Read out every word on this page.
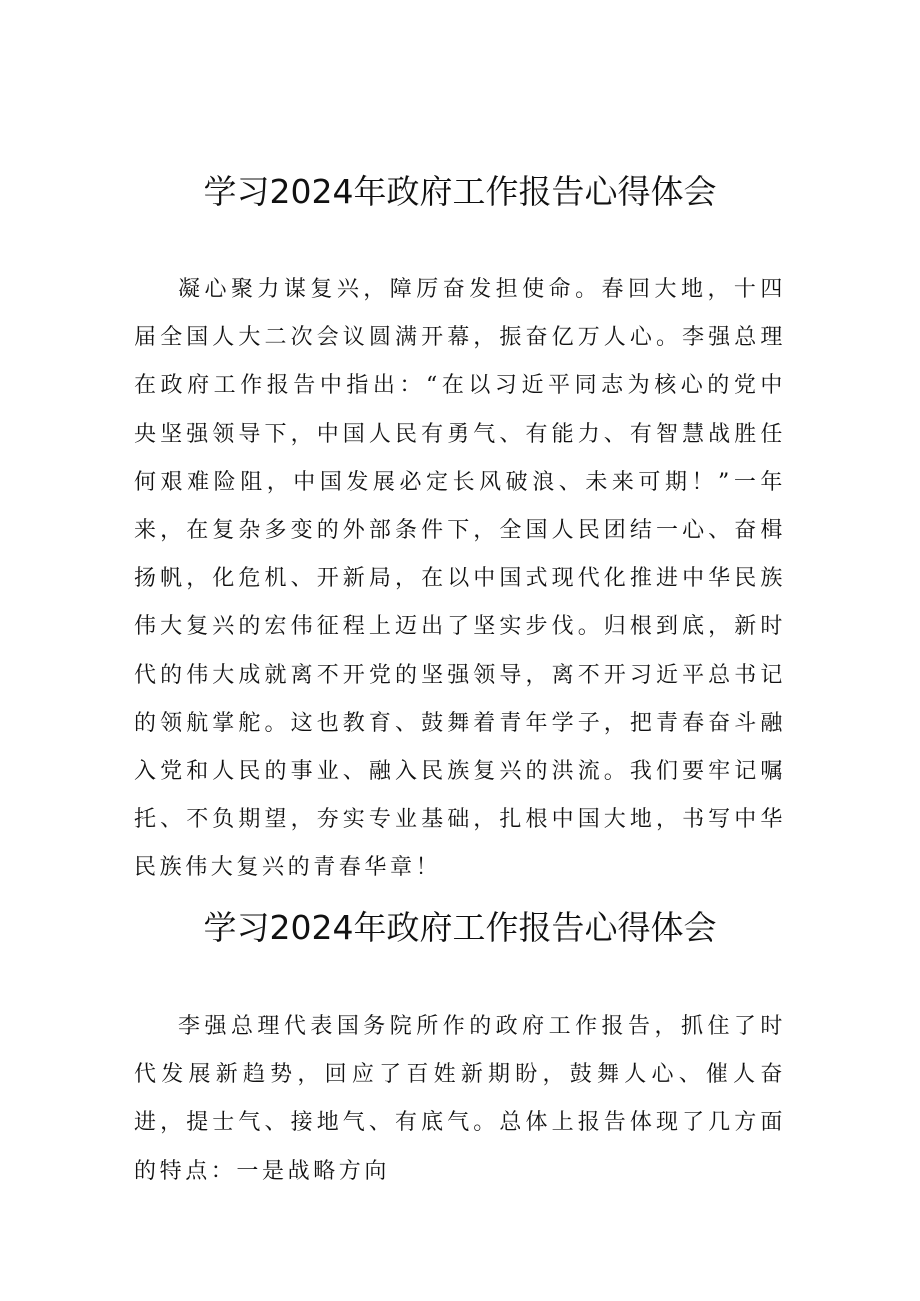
学习2024年政府工作报告心得体会

凝心聚力谋复兴，障厉奋发担使命。春回大地，十四届全国人大二次会议圆满开幕，振奋亿万人心。李强总理在政府工作报告中指出：“在以习近平同志为核心的党中央坚强领导下，中国人民有勇气、有能力、有智慧战胜任何艰难险阻，中国发展必定长风破浪、未来可期！”一年来，在复杂多变的外部条件下，全国人民团结一心、奋楫扬帆，化危机、开新局，在以中国式现代化推进中华民族伟大复兴的宏伟征程上迈出了坚实步伐。归根到底，新时代的伟大成就离不开党的坚强领导，离不开习近平总书记的领航掌舵。这也教育、鼓舞着青年学子，把青春奋斗融入党和人民的事业、融入民族复兴的洪流。我们要牢记嘱托、不负期望，夯实专业基础，扎根中国大地，书写中华民族伟大复兴的青春华章！

学习2024年政府工作报告心得体会

李强总理代表国务院所作的政府工作报告，抓住了时代发展新趋势，回应了百姓新期盼，鼓舞人心、催人奋进，提士气、接地气、有底气。总体上报告体现了几方面的特点：一是战略方向
